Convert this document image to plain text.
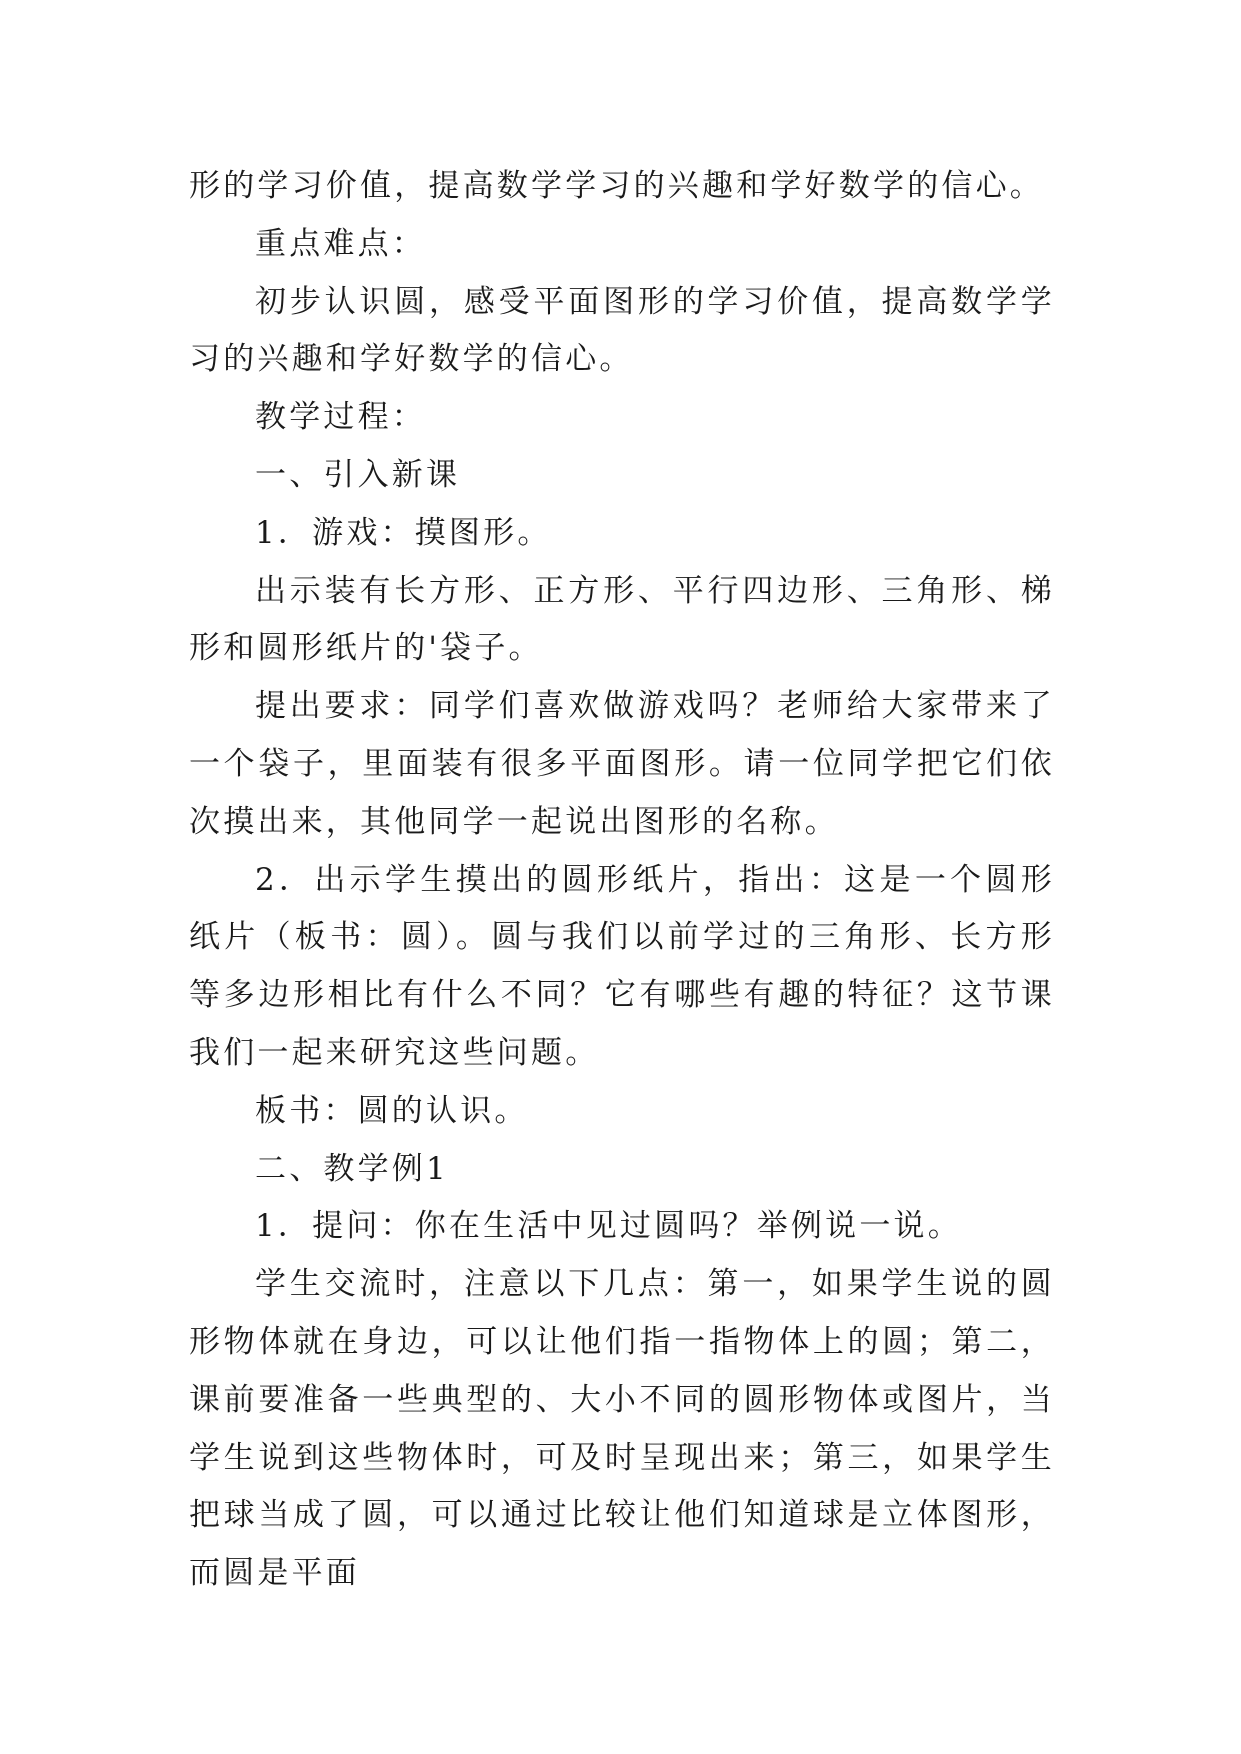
形的学习价值，提高数学学习的兴趣和学好数学的信心。

重点难点：

初步认识圆，感受平面图形的学习价值，提高数学学习的兴趣和学好数学的信心。

教学过程：

一、引入新课

1．游戏：摸图形。

出示装有长方形、正方形、平行四边形、三角形、梯形和圆形纸片的'袋子。

提出要求：同学们喜欢做游戏吗？老师给大家带来了一个袋子，里面装有很多平面图形。请一位同学把它们依次摸出来，其他同学一起说出图形的名称。

2．出示学生摸出的圆形纸片，指出：这是一个圆形纸片（板书：圆）。圆与我们以前学过的三角形、长方形等多边形相比有什么不同？它有哪些有趣的特征？这节课我们一起来研究这些问题。

板书：圆的认识。

二、教学例1

1．提问：你在生活中见过圆吗？举例说一说。

学生交流时，注意以下几点：第一，如果学生说的圆形物体就在身边，可以让他们指一指物体上的圆；第二，课前要准备一些典型的、大小不同的圆形物体或图片，当学生说到这些物体时，可及时呈现出来；第三，如果学生把球当成了圆，可以通过比较让他们知道球是立体图形，而圆是平面
